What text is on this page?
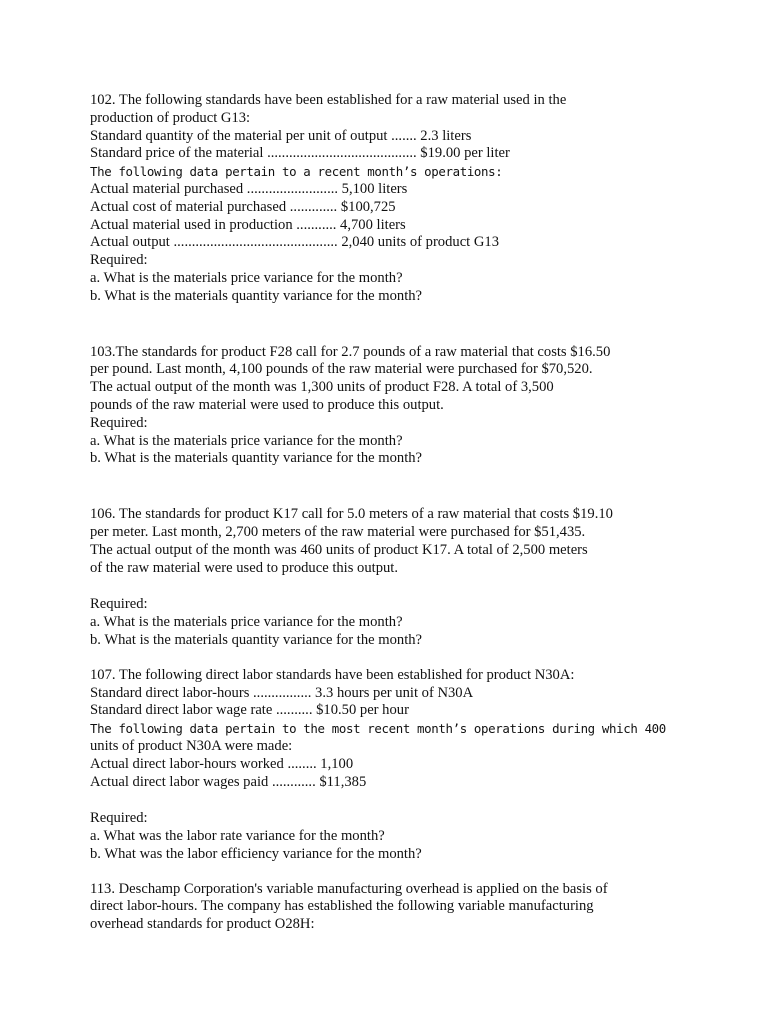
102. The following standards have been established for a raw material used in the
production of product G13:
Standard quantity of the material per unit of output ....... 2.3 liters
Standard price of the material ......................................... $19.00 per liter
The following data pertain to a recent month’s operations:
Actual material purchased ......................... 5,100 liters
Actual cost of material purchased ............. $100,725
Actual material used in production ........... 4,700 liters
Actual output ............................................. 2,040 units of product G13
Required:
a. What is the materials price variance for the month?
b. What is the materials quantity variance for the month?
103.The standards for product F28 call for 2.7 pounds of a raw material that costs $16.50
per pound. Last month, 4,100 pounds of the raw material were purchased for $70,520.
The actual output of the month was 1,300 units of product F28. A total of 3,500
pounds of the raw material were used to produce this output.
Required:
a. What is the materials price variance for the month?
b. What is the materials quantity variance for the month?
106. The standards for product K17 call for 5.0 meters of a raw material that costs $19.10
per meter. Last month, 2,700 meters of the raw material were purchased for $51,435.
The actual output of the month was 460 units of product K17. A total of 2,500 meters
of the raw material were used to produce this output.
Required:
a. What is the materials price variance for the month?
b. What is the materials quantity variance for the month?
107. The following direct labor standards have been established for product N30A:
Standard direct labor-hours ................ 3.3 hours per unit of N30A
Standard direct labor wage rate .......... $10.50 per hour
The following data pertain to the most recent month’s operations during which 400
units of product N30A were made:
Actual direct labor-hours worked ........ 1,100
Actual direct labor wages paid ............ $11,385
Required:
a. What was the labor rate variance for the month?
b. What was the labor efficiency variance for the month?
113. Deschamp Corporation's variable manufacturing overhead is applied on the basis of
direct labor-hours. The company has established the following variable manufacturing
overhead standards for product O28H:
